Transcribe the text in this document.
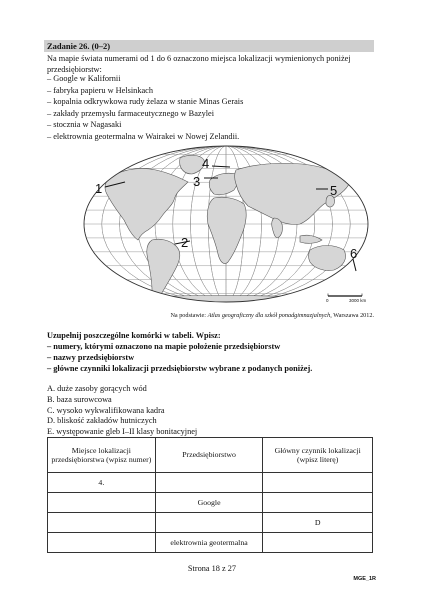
Zadanie 26. (0–2)
Na mapie świata numerami od 1 do 6 oznaczono miejsca lokalizacji wymienionych poniżej przedsiębiorstw:
– Google w Kalifornii
– fabryka papieru w Helsinkach
– kopalnia odkrywkowa rudy żelaza w stanie Minas Gerais
– zakłady przemysłu farmaceutycznego w Bazylei
– stocznia w Nagasaki
– elektrownia geotermalna w Wairakei w Nowej Zelandii.
1
2
3
4
5
6
0	3000 km
Na podstawie: Atlas geograficzny dla szkół ponadgimnazjalnych, Warszawa 2012.
Uzupełnij poszczególne komórki w tabeli. Wpisz:
– numery, którymi oznaczono na mapie położenie przedsiębiorstw
– nazwy przedsiębiorstw
– główne czynniki lokalizacji przedsiębiorstw wybrane z podanych poniżej.
A. duże zasoby gorących wód
B. baza surowcowa
C. wysoko wykwalifikowana kadra
D. bliskość zakładów hutniczych
E. występowanie gleb I–II klasy bonitacyjnej
Miejsce lokalizacji przedsiębiorstwa (wpisz numer)	Przedsiębiorstwo	Główny czynnik lokalizacji (wpisz literę)
4.		
	Google	
		D
	elektrownia geotermalna	
Strona 18 z 27
MGE_1R
